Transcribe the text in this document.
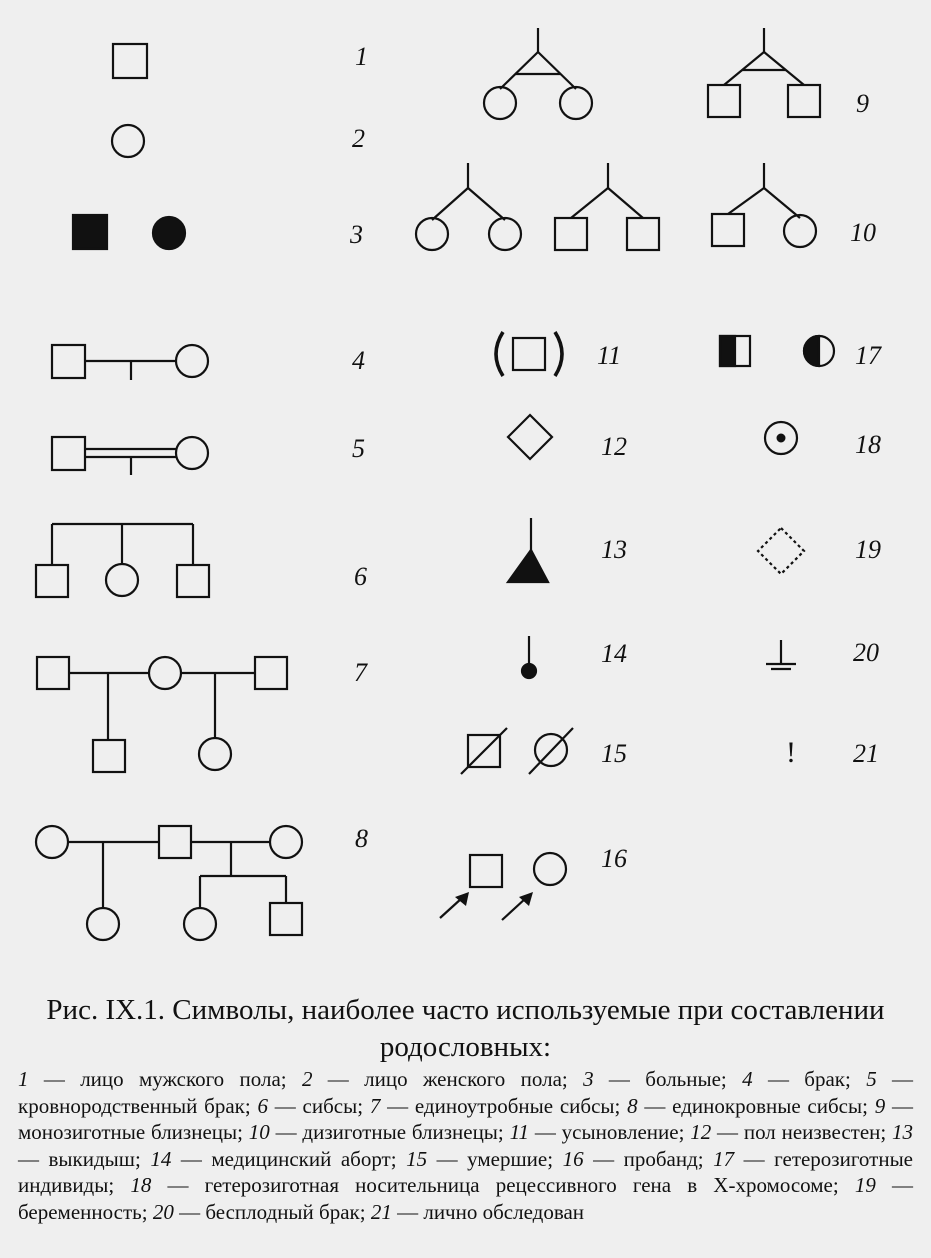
1
2
3
4
5
6
7
8
9
10
11
12
13
14
15
16
17
18
19
20
21
!
Рис. IX.1. Символы, наиболее часто используемые при составлении родословных:
1 — лицо мужского пола; 2 — лицо женского пола; 3 — больные; 4 — брак; 5 — кровнородственный брак; 6 — сибсы; 7 — единоутробные сибсы; 8 — единокровные сибсы; 9 — монозиготные близнецы; 10 — дизиготные близнецы; 11 — усыновление; 12 — пол неизвестен; 13 — выкидыш; 14 — медицинский аборт; 15 — умершие; 16 — пробанд; 17 — гетерозиготные индивиды; 18 — гетерозиготная носительница рецессивного гена в Х-хромосоме; 19 — беременность; 20 — бесплодный брак; 21 — лично обследован
